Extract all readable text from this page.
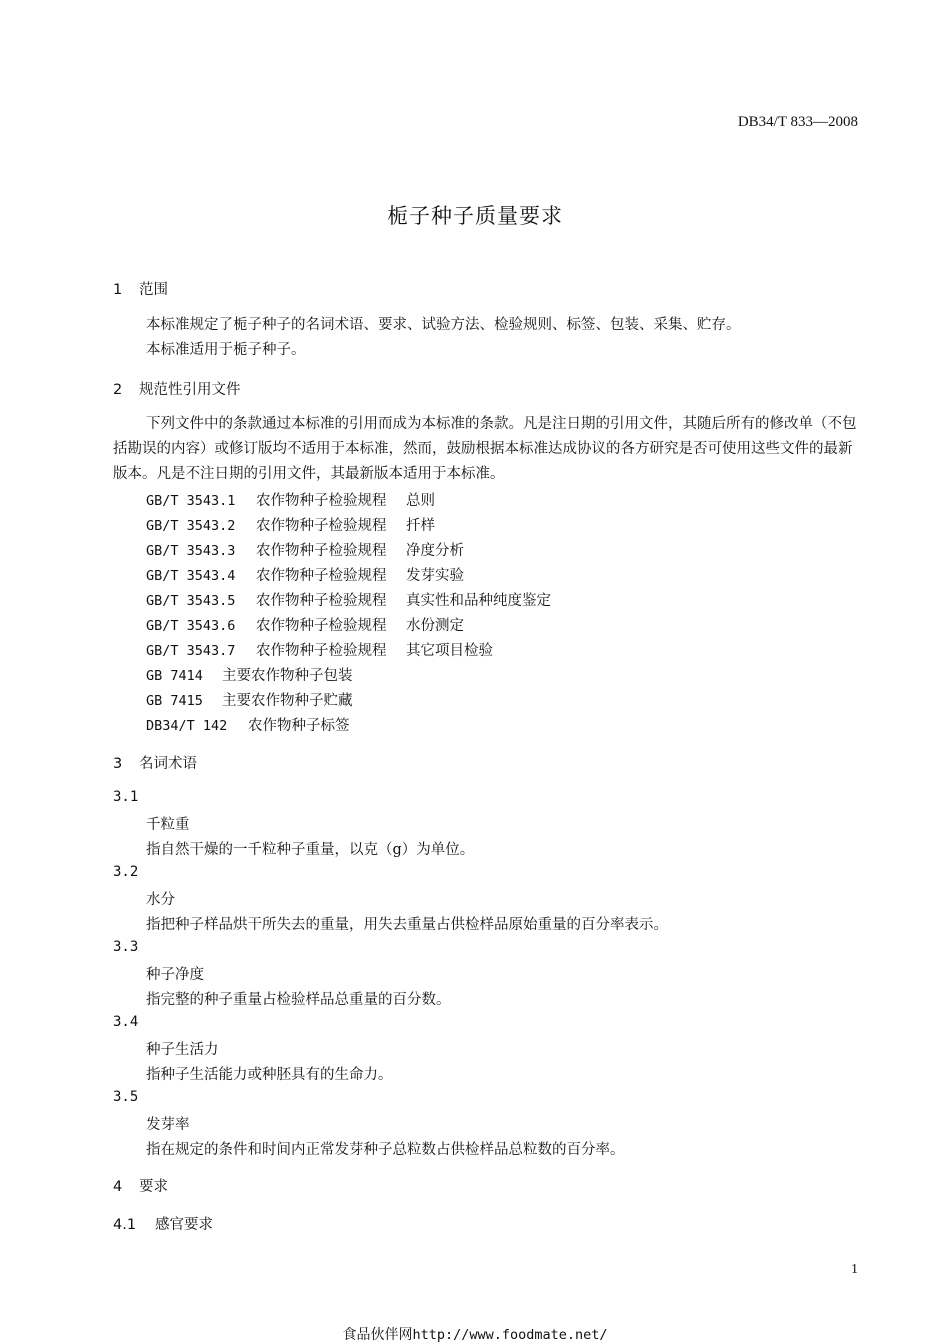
DB34/T 833—2008
栀子种子质量要求
1 范围
本标准规定了栀子种子的名词术语、要求、试验方法、检验规则、标签、包装、采集、贮存。
本标准适用于栀子种子。
2 规范性引用文件
下列文件中的条款通过本标准的引用而成为本标准的条款。凡是注日期的引用文件，其随后所有的修改单（不包括勘误的内容）或修订版均不适用于本标准，然而，鼓励根据本标准达成协议的各方研究是否可使用这些文件的最新版本。凡是不注日期的引用文件，其最新版本适用于本标准。
GB/T 3543.1 农作物种子检验规程 总则
GB/T 3543.2 农作物种子检验规程 扦样
GB/T 3543.3 农作物种子检验规程 净度分析
GB/T 3543.4 农作物种子检验规程 发芽实验
GB/T 3543.5 农作物种子检验规程 真实性和品种纯度鉴定
GB/T 3543.6 农作物种子检验规程 水份测定
GB/T 3543.7 农作物种子检验规程 其它项目检验
GB 7414 主要农作物种子包装
GB 7415 主要农作物种子贮藏
DB34/T 142 农作物种子标签
3 名词术语
3.1
千粒重
指自然干燥的一千粒种子重量，以克（g）为单位。
3.2
水分
指把种子样品烘干所失去的重量，用失去重量占供检样品原始重量的百分率表示。
3.3
种子净度
指完整的种子重量占检验样品总重量的百分数。
3.4
种子生活力
指种子生活能力或种胚具有的生命力。
3.5
发芽率
指在规定的条件和时间内正常发芽种子总粒数占供检样品总粒数的百分率。
4 要求
4.1 感官要求
1
食品伙伴网http://www.foodmate.net/
